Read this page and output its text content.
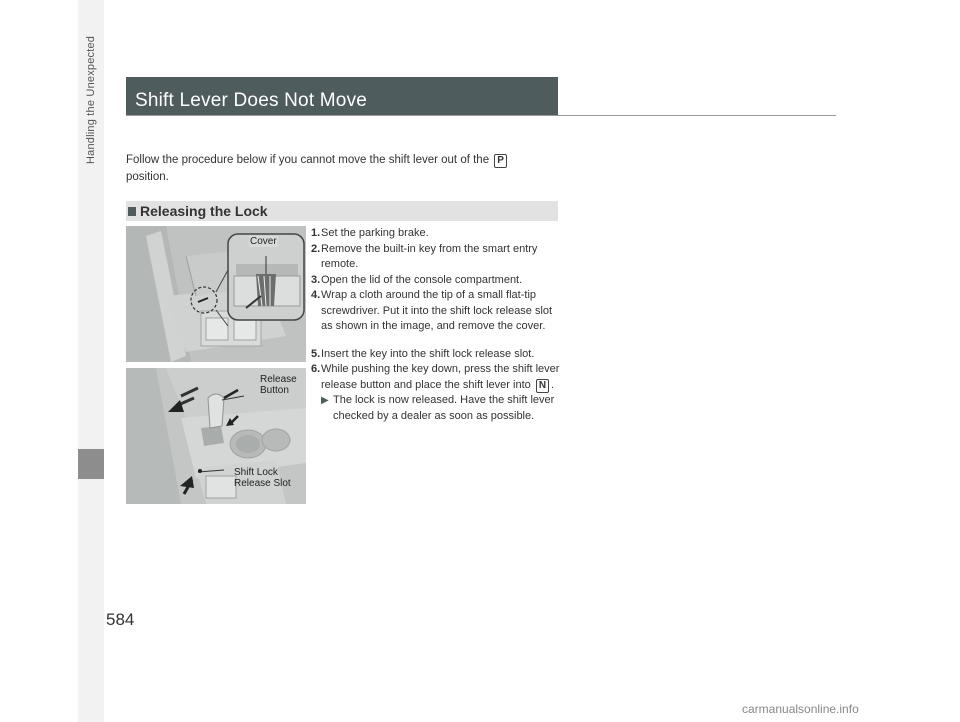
Handling the Unexpected
584
Shift Lever Does Not Move
Follow the procedure below if you cannot move the shift lever out of the P
position.
Releasing the Lock
Cover
Release
Button
Shift Lock
Release Slot
1. Set the parking brake.
2. Remove the built-in key from the smart entry remote.
3. Open the lid of the console compartment.
4. Wrap a cloth around the tip of a small flat-tip screwdriver. Put it into the shift lock release slot as shown in the image, and remove the cover.
5. Insert the key into the shift lock release slot.
6. While pushing the key down, press the shift lever release button and place the shift lever into N .
▶ The lock is now released. Have the shift lever checked by a dealer as soon as possible.
carmanualsonline.info
